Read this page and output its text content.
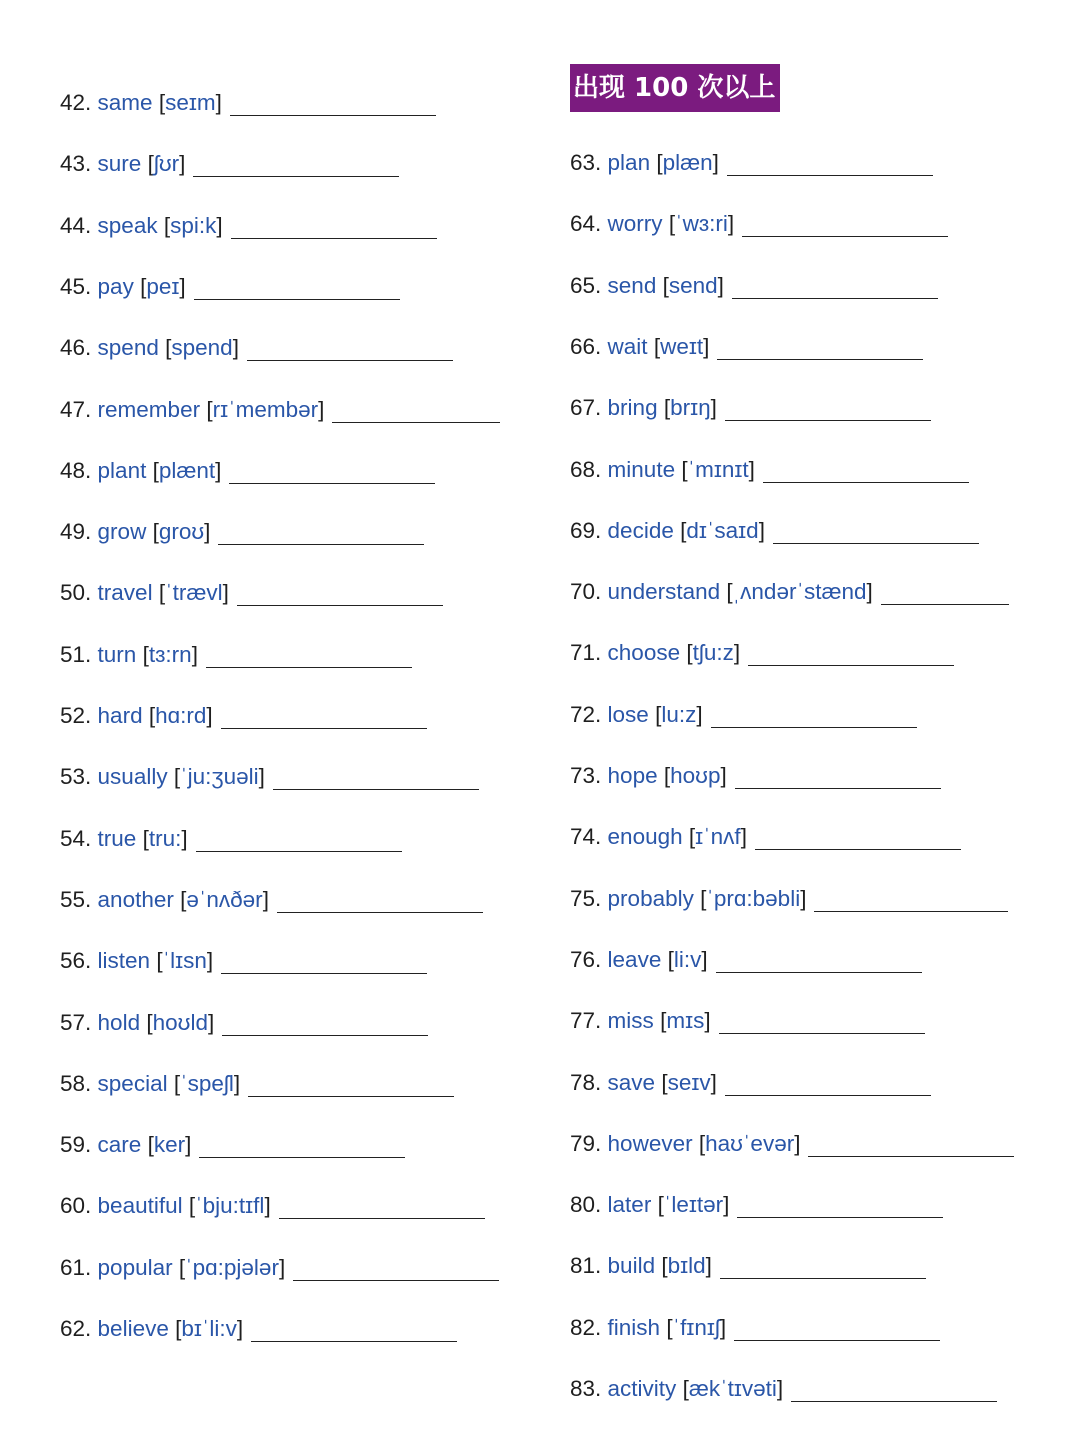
出现 100 次以上
42.
same
[ seɪm ]
43.
sure
[ ʃʊr ]
44.
speak
[ spi:k ]
45.
pay
[ peɪ ]
46.
spend
[ spend ]
47.
remember
[ rɪˈmembər ]
48.
plant
[ plænt ]
49.
grow
[ groʊ ]
50.
travel
[ ˈtrævl ]
51.
turn
[ tɜ:rn ]
52.
hard
[ hɑ:rd ]
53.
usually
[ ˈju:ʒuəli ]
54.
true
[ tru: ]
55.
another
[ əˈnʌðər ]
56.
listen
[ ˈlɪsn ]
57.
hold
[ hoʊld ]
58.
special
[ ˈspeʃl ]
59.
care
[ ker ]
60.
beautiful
[ ˈbju:tɪfl ]
61.
popular
[ ˈpɑ:pjələr ]
62.
believe
[ bɪˈli:v ]
63.
plan
[ plæn ]
64.
worry
[ ˈwɜ:ri ]
65.
send
[ send ]
66.
wait
[ weɪt ]
67.
bring
[ brɪŋ ]
68.
minute
[ ˈmɪnɪt ]
69.
decide
[ dɪˈsaɪd ]
70.
understand
[ ˌʌndərˈstænd ]
71.
choose
[ tʃu:z ]
72.
lose
[ lu:z ]
73.
hope
[ hoʊp ]
74.
enough
[ ɪˈnʌf ]
75.
probably
[ ˈprɑ:bəbli ]
76.
leave
[ li:v ]
77.
miss
[ mɪs ]
78.
save
[ seɪv ]
79.
however
[ haʊˈevər ]
80.
later
[ ˈleɪtər ]
81.
build
[ bɪld ]
82.
finish
[ ˈfɪnɪʃ ]
83.
activity
[ ækˈtɪvəti ]
